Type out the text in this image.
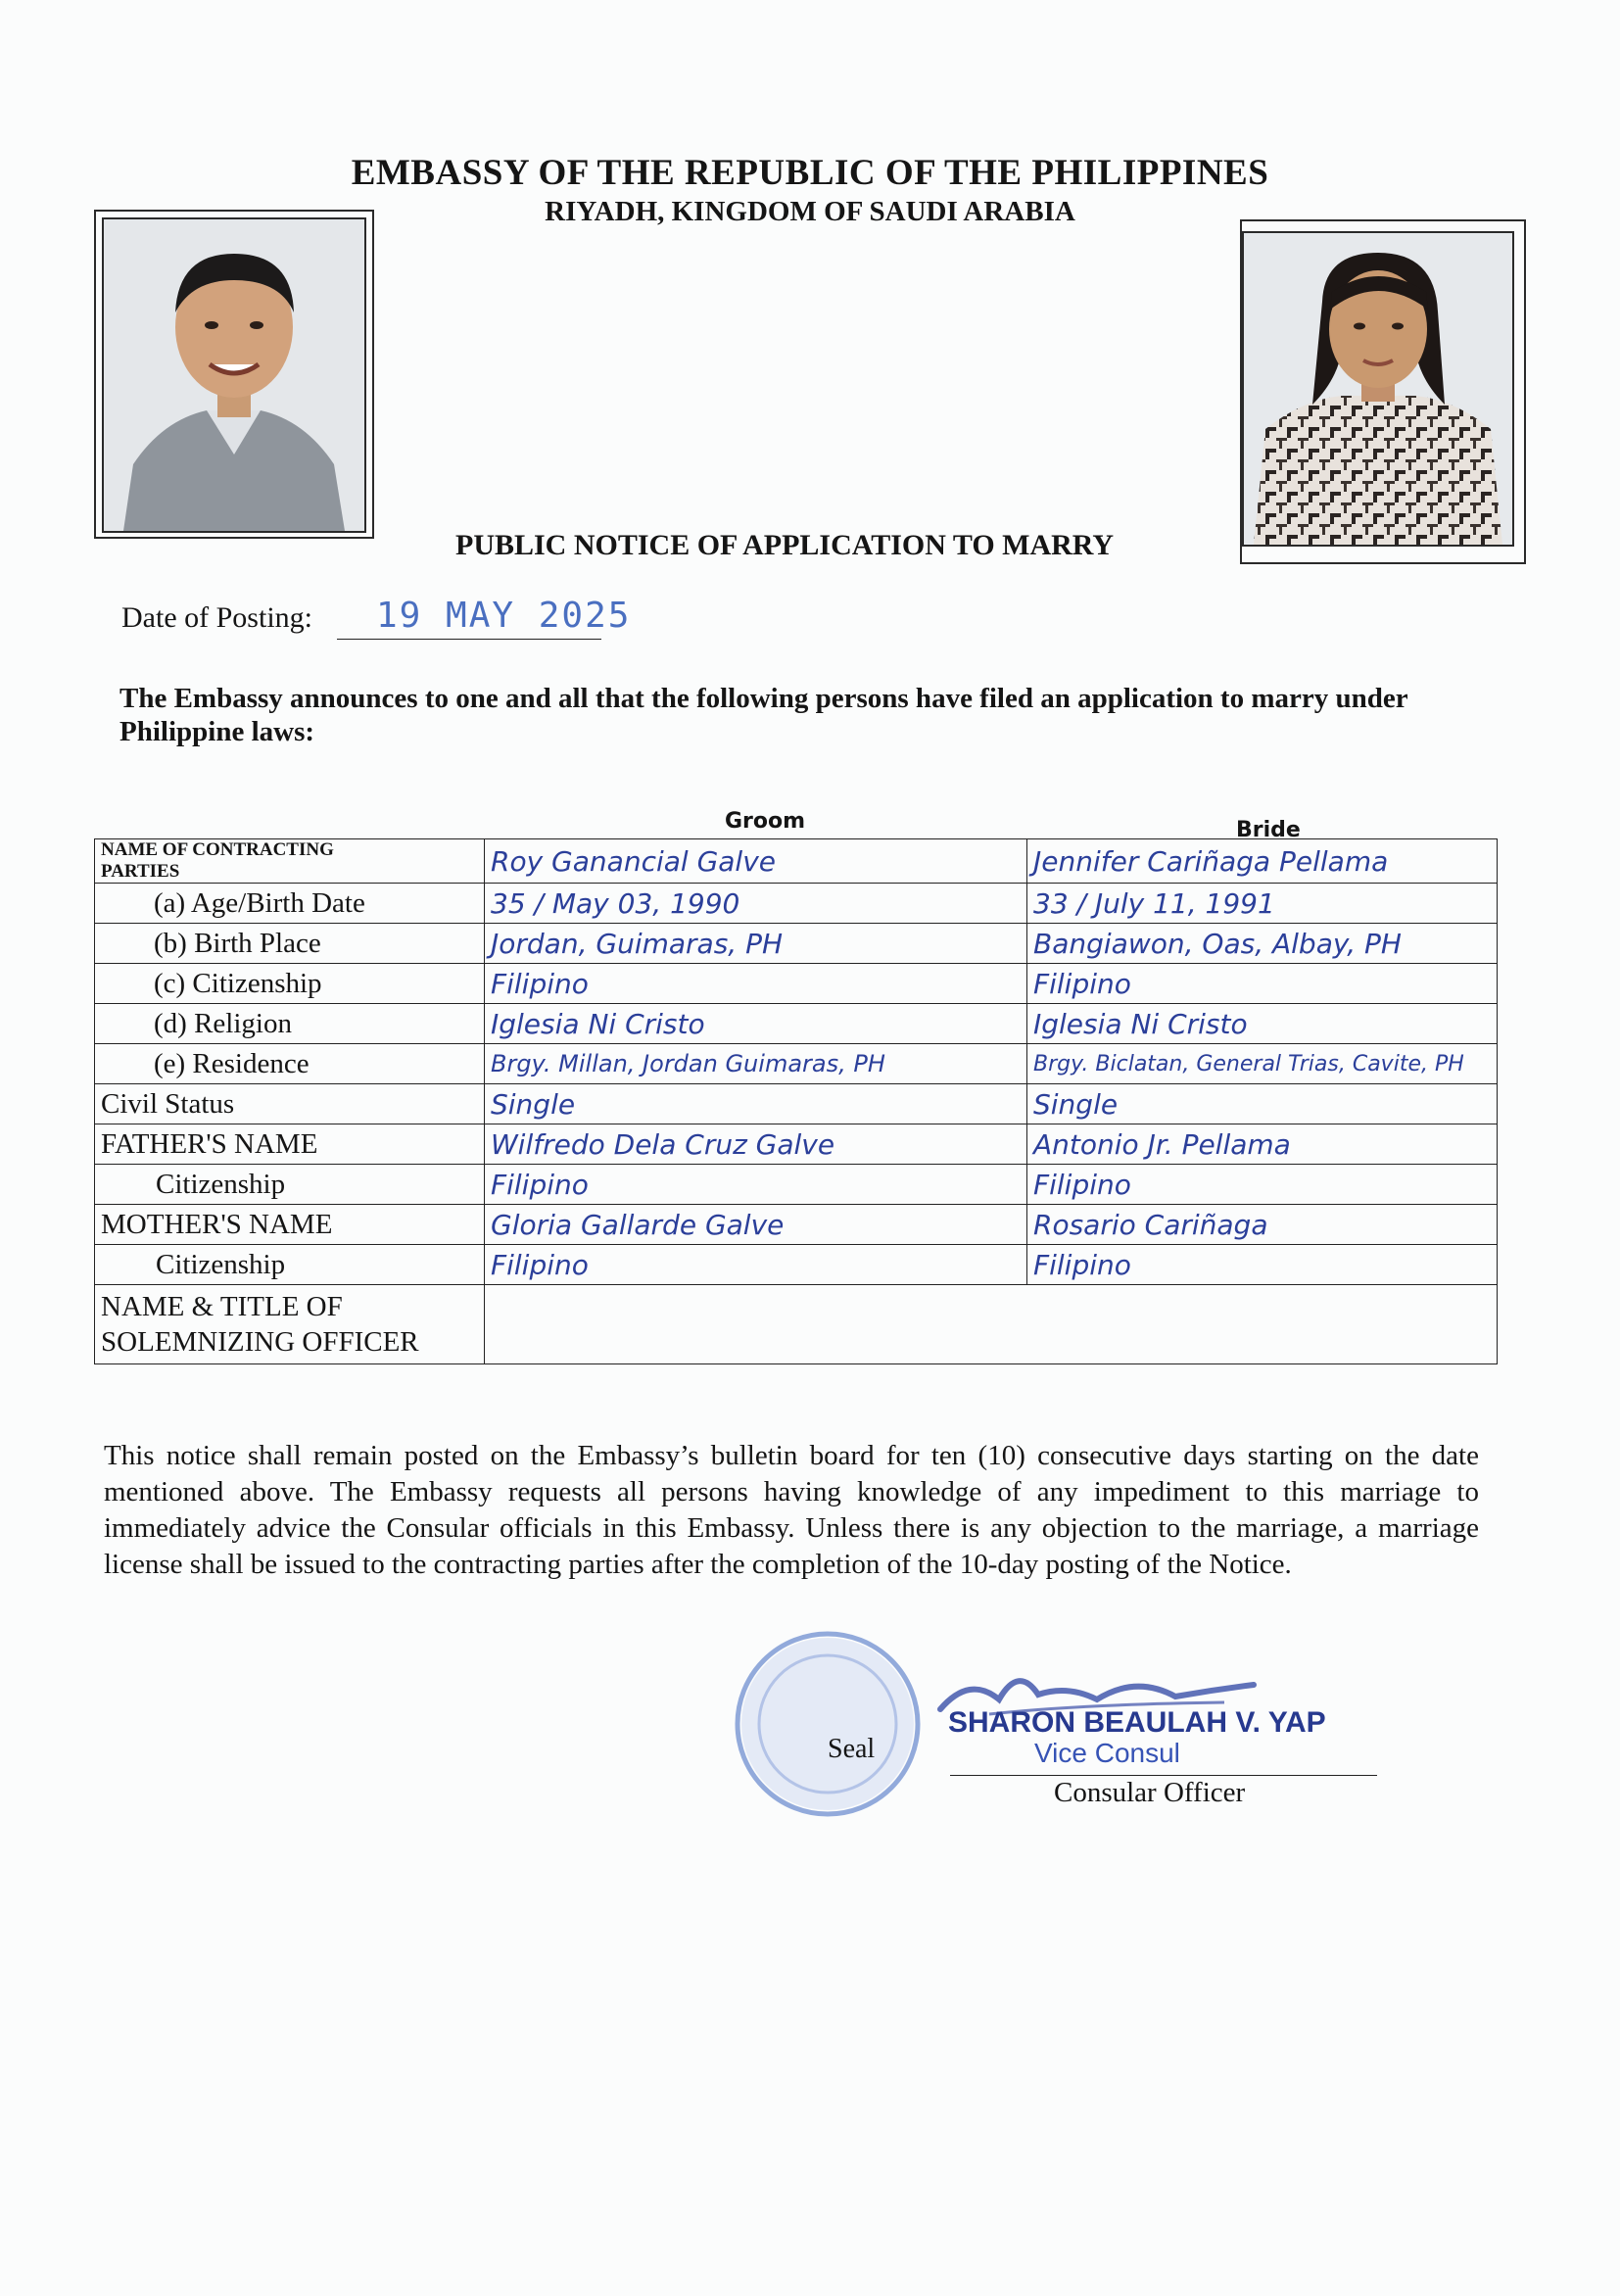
EMBASSY OF THE REPUBLIC OF THE PHILIPPINES
RIYADH, KINGDOM OF SAUDI ARABIA
PUBLIC NOTICE OF APPLICATION TO MARRY
Date of Posting: 19 MAY 2025
The Embassy announces to one and all that the following persons have filed an application to marry under Philippine laws:
Groom	Bride
NAME OF CONTRACTING PARTIES	Roy Ganancial Galve	Jennifer Cariñaga Pellama
(a) Age/Birth Date	35 / May 03, 1990	33 / July 11, 1991
(b) Birth Place	Jordan, Guimaras, PH	Bangiawon, Oas, Albay, PH
(c) Citizenship	Filipino	Filipino
(d) Religion	Iglesia Ni Cristo	Iglesia Ni Cristo
(e) Residence	Brgy. Millan, Jordan Guimaras, PH	Brgy. Biclatan, General Trias, Cavite, PH
Civil Status	Single	Single
FATHER'S NAME	Wilfredo Dela Cruz Galve	Antonio Jr. Pellama
Citizenship	Filipino	Filipino
MOTHER'S NAME	Gloria Gallarde Galve	Rosario Cariñaga
Citizenship	Filipino	Filipino

NAME & TITLE OF
SOLEMNIZING OFFICER		

This notice shall remain posted on the Embassy’s bulletin board for ten (10) consecutive days starting on the date mentioned above. The Embassy requests all persons having knowledge of any impediment to this marriage to immediately advice the Consular officials in this Embassy. Unless there is any objection to the marriage, a marriage license shall be issued to the contracting parties after the completion of the 10-day posting of the Notice.
Seal
SHARON BEAULAH V. YAP
Vice Consul
Consular Officer
